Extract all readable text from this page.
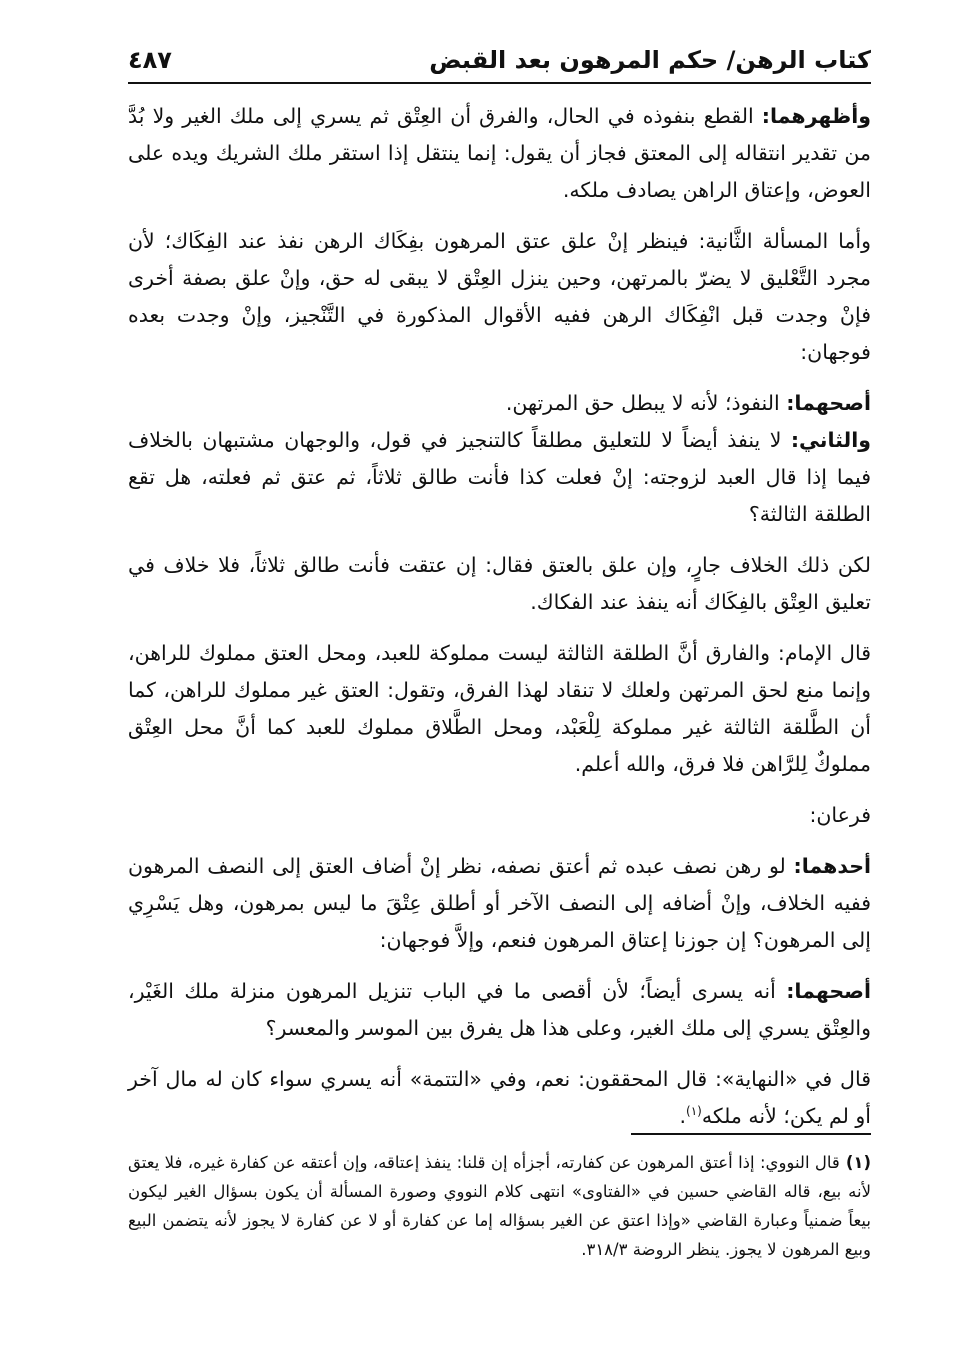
كتاب الرهن/ حكم المرهون بعد القبض
٤٨٧

وأظهرهما: القطع بنفوذه في الحال، والفرق أن العِتْق ثم يسري إلى ملك الغير ولا بُدَّ من تقدير انتقاله إلى المعتق فجاز أن يقول: إنما ينتقل إذا استقر ملك الشريك ويده على العوض، وإعتاق الراهن يصادف ملكه.

وأما المسألة الثَّانية: فينظر إنْ علق عتق المرهون بفِكَاك الرهن نفذ عند الفِكَاك؛ لأن مجرد التَّعْليق لا يضرّ بالمرتهن، وحين ينزل العِتْق لا يبقى له حق، وإنْ علق بصفة أخرى فإنْ وجدت قبل انْفِكَاك الرهن ففيه الأقوال المذكورة في التَّنْجيز، وإنْ وجدت بعده فوجهان:

أصحهما: النفوذ؛ لأنه لا يبطل حق المرتهن.

والثاني: لا ينفذ أيضاً لا للتعليق مطلقاً كالتنجيز في قول، والوجهان مشتبهان بالخلاف فيما إذا قال العبد لزوجته: إنْ فعلت كذا فأنت طالق ثلاثاً، ثم عتق ثم فعلته، هل تقع الطلقة الثالثة؟

لكن ذلك الخلاف جارٍ، وإن علق بالعتق فقال: إن عتقت فأنت طالق ثلاثاً، فلا خلاف في تعليق العِتْق بالفِكَاك أنه ينفذ عند الفكاك.

قال الإمام: والفارق أنَّ الطلقة الثالثة ليست مملوكة للعبد، ومحل العتق مملوك للراهن، وإنما منع لحق المرتهن ولعلك لا تنقاد لهذا الفرق، وتقول: العتق غير مملوك للراهن، كما أن الطَّلقة الثالثة غير مملوكة لِلْعَبْد، ومحل الطَّلاق مملوك للعبد كما أنَّ محل العِتْق مملوكٌ لِلرَّاهن فلا فرق، والله أعلم.

فرعان:

أحدهما: لو رهن نصف عبده ثم أعتق نصفه، نظر إنْ أضاف العتق إلى النصف المرهون ففيه الخلاف، وإنْ أضافه إلى النصف الآخر أو أطلق عِتْقَ ما ليس بمرهون، وهل يَسْرِي إلى المرهون؟ إن جوزنا إعتاق المرهون فنعم، وإلاَّ فوجهان:

أصحهما: أنه يسرى أيضاً؛ لأن أقصى ما في الباب تنزيل المرهون منزلة ملك الغَيْر، والعِتْق يسري إلى ملك الغير، وعلى هذا هل يفرق بين الموسر والمعسر؟

قال في «النهاية»: قال المحققون: نعم، وفي «التتمة» أنه يسري سواء كان له مال آخر أو لم يكن؛ لأنه ملكه$^{(١)}$.

(١)قال النووي: إذا أعتق المرهون عن كفارته، أجزأه إن قلنا: ينفذ إعتاقه، وإن أعتقه عن كفارة غيره، فلا يعتق لأنه بيع، قاله القاضي حسين في «الفتاوى» انتهى كلام النووي وصورة المسألة أن يكون بسؤال الغير ليكون بيعاً ضمنياً وعبارة القاضي «وإذا اعتق عن الغير بسؤاله إما عن كفارة أو لا عن كفارة لا يجوز لأنه يتضمن البيع وبيع المرهون لا يجوز. ينظر الروضة ٣١٨/٣.
